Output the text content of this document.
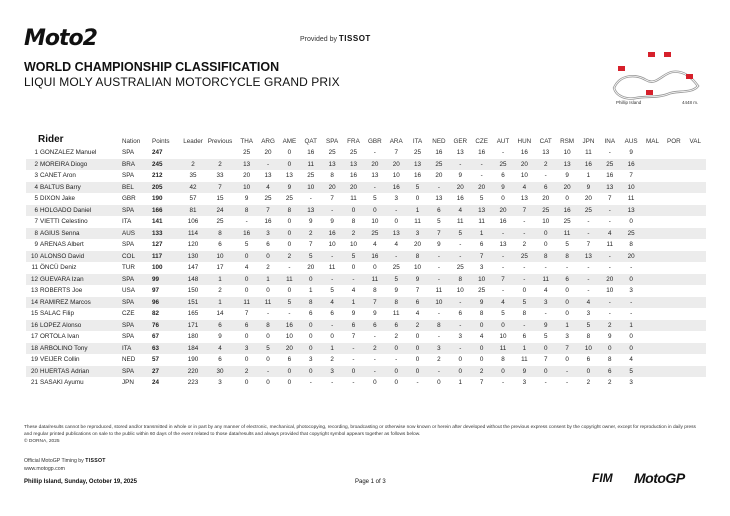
Moto2	Provided by TISSOT
WORLD CHAMPIONSHIP CLASSIFICATION
LIQUI MOLY AUSTRALIAN MOTORCYCLE GRAND PRIX
Phillip Island	4448 m.
Rider	Nation	Points	Leader	Previous	THA	ARG	AME	QAT	SPA	FRA	GBR	ARA	ITA	NED	GER	CZE	AUT	HUN	CAT	RSM	JPN	INA	AUS	MAL	POR	VAL
1 GONZALEZ Manuel	SPA	247			25	20	0	16	25	25	-	7	25	16	13	16	-	16	13	10	11	-	9			
2 MOREIRA Diogo	BRA	245	2	2	13	-	0	11	13	13	20	20	13	25	-	-	25	20	2	13	16	25	16			
3 CANET Aron	SPA	212	35	33	20	13	13	25	8	16	13	10	16	20	9	-	6	10	-	9	1	16	7			
4 BALTUS Barry	BEL	205	42	7	10	4	9	10	20	20	-	16	5	-	20	20	9	4	6	20	9	13	10			
5 DIXON Jake	GBR	190	57	15	9	25	25	-	7	11	5	3	0	13	16	5	0	13	20	0	20	7	11			
6 HOLGADO Daniel	SPA	166	81	24	8	7	8	13	-	0	0	-	1	6	4	13	20	7	25	16	25	-	13			
7 VIETTI Celestino	ITA	141	106	25	-	16	0	9	9	8	10	0	11	5	11	11	16	-	10	25	-	-	0			
8 AGIUS Senna	AUS	133	114	8	16	3	0	2	16	2	25	13	3	7	5	1	-	-	0	11	-	4	25			
9 ARENAS Albert	SPA	127	120	6	5	6	0	7	10	10	4	4	20	9	-	6	13	2	0	5	7	11	8			
10 ALONSO David	COL	117	130	10	0	0	2	5	-	5	16	-	8	-	-	7	-	25	8	8	13	-	20			
11 ÖNCÜ Deniz	TUR	100	147	17	4	2	-	20	11	0	0	25	10	-	25	3	-	-	-	-	-	-	-			
12 GUEVARA Izan	SPA	99	148	1	0	1	11	0	-	-	11	5	9	-	8	10	7	-	11	6	-	20	0			
13 ROBERTS Joe	USA	97	150	2	0	0	0	1	5	4	8	9	7	11	10	25	-	0	4	0	-	10	3			
14 RAMIREZ Marcos	SPA	96	151	1	11	11	5	8	4	1	7	8	6	10	-	9	4	5	3	0	4	-	-			
15 SALAC Filip	CZE	82	165	14	7	-	-	6	6	9	9	11	4	-	6	8	5	8	-	0	3	-	-			
16 LOPEZ Alonso	SPA	76	171	6	6	8	16	0	-	6	6	6	2	8	-	0	0	-	9	1	5	2	1			
17 ORTOLA Ivan	SPA	67	180	9	0	0	10	0	0	7	-	2	0	-	3	4	10	6	5	3	8	9	0			
18 ARBOLINO Tony	ITA	63	184	4	3	5	20	0	1	-	2	0	0	3	-	0	11	1	0	7	10	0	0			
19 VEIJER Collin	NED	57	190	6	0	0	6	3	2	-	-	-	0	2	0	0	8	11	7	0	6	8	4			
20 HUERTAS Adrian	SPA	27	220	30	2	-	0	0	3	0	-	0	0	-	0	2	0	9	0	-	0	6	5			
21 SASAKI Ayumu	JPN	24	223	3	0	0	0	-	-	-	0	0	-	0	1	7	-	3	-	-	2	2	3			
These data/results cannot be reproduced, stored and/or transmitted in whole or in part by any manner of electronic, mechanical, photocopying, recording, broadcasting or otherwise now known or herein after developed without the previous express consent by the copyright owner, except for reproduction in daily press and regular printed publications on sale to the public within 60 days of the event related to those data/results and always provided that copyright symbol appears together as follows below.
© DORNA, 2025
Official MotoGP Timing by TISSOT
www.motogp.com
Phillip Island, Sunday, October 19, 2025	Page 1 of 3	FIM MotoGP
